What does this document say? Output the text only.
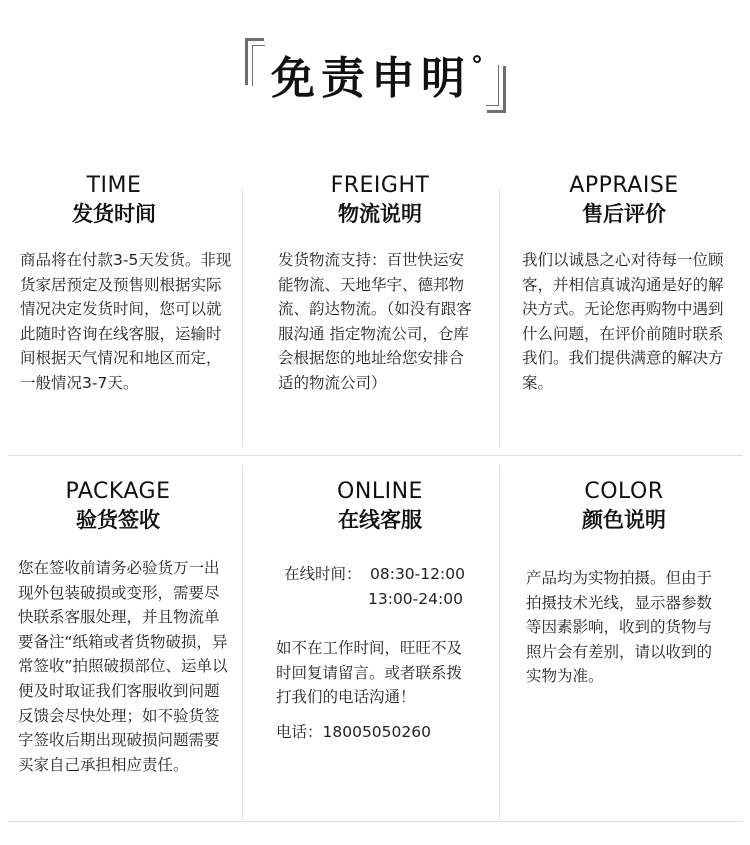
免责申明°
TIME
发货时间
商品将在付款3-5天发货。非现货家居预定及预售则根据实际情况决定发货时间，您可以就此随时咨询在线客服，运输时间根据天气情况和地区而定，一般情况3-7天。
FREIGHT
物流说明
发货物流支持：百世快运安能物流、天地华宇、德邦物流、韵达物流。（如没有跟客服沟通 指定物流公司，仓库会根据您的地址给您安排合适的物流公司）
APPRAISE
售后评价
我们以诚恳之心对待每一位顾客，并相信真诚沟通是好的解决方式。无论您再购物中遇到什么问题，在评价前随时联系我们。我们提供满意的解决方案。
PACKAGE
验货签收
您在签收前请务必验货万一出现外包装破损或变形，需要尽快联系客服处理，并且物流单要备注“纸箱或者货物破损，异常签收”拍照破损部位、运单以便及时取证我们客服收到问题反馈会尽快处理；如不验货签字签收后期出现破损问题需要买家自己承担相应责任。
ONLINE
在线客服
在线时间： 08:30-12:00
13:00-24:00
如不在工作时间，旺旺不及时回复请留言。或者联系拨打我们的电话沟通！
电话：18005050260
COLOR
颜色说明
产品均为实物拍摄。但由于拍摄技术光线，显示器参数等因素影响，收到的货物与照片会有差别，请以收到的实物为准。
